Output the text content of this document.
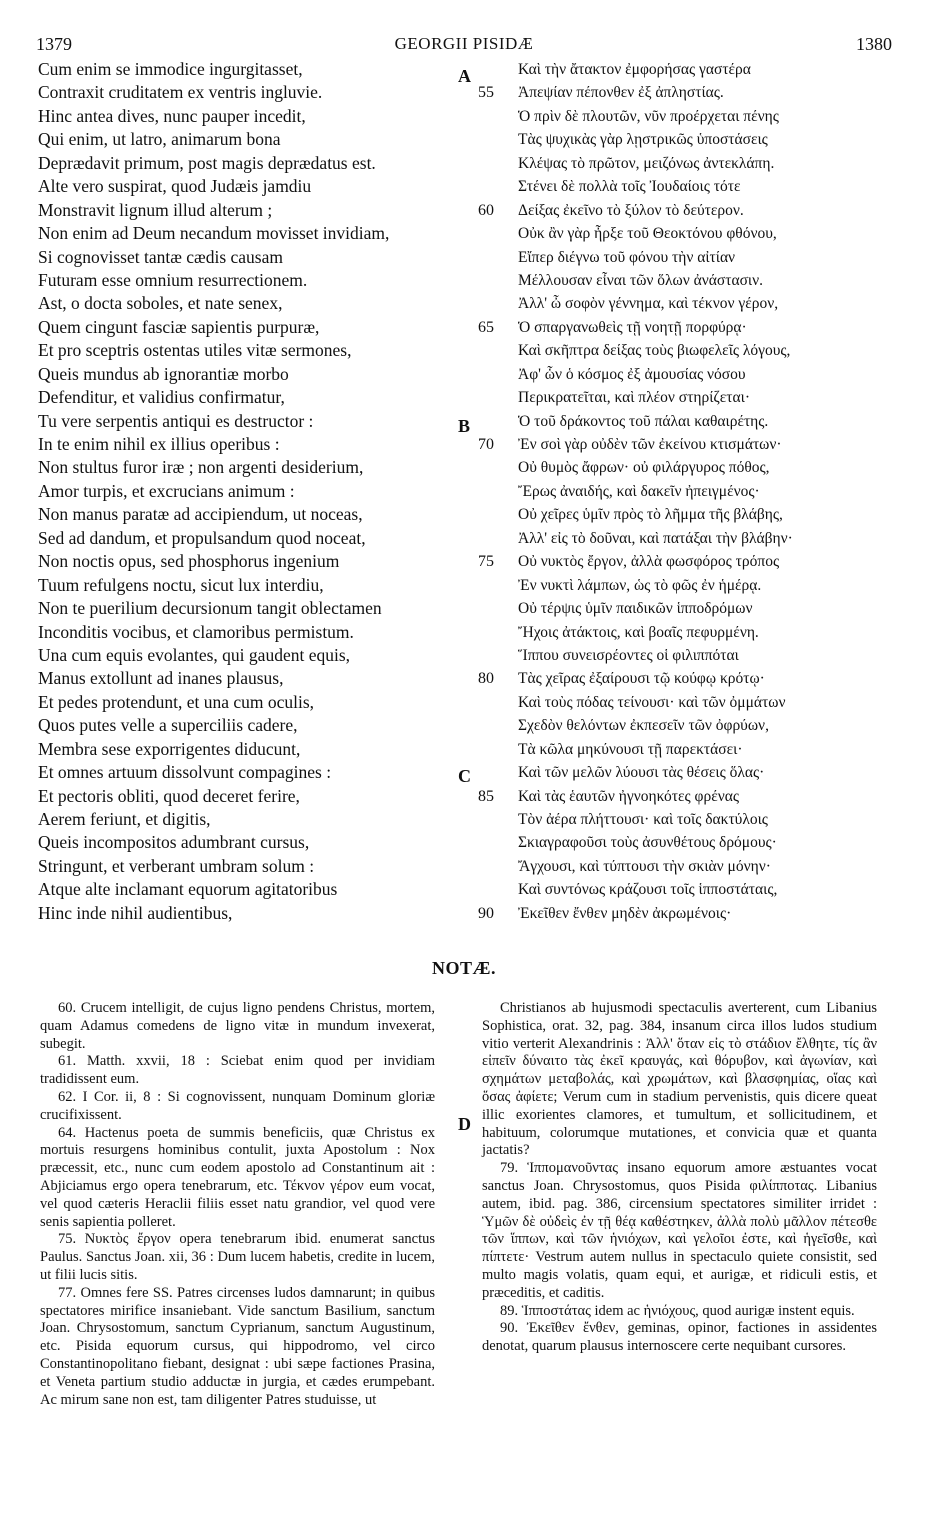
1379	GEORGII PISIDÆ	1380
A
B
C
D
Cum enim se immodice ingurgitasset,
Contraxit cruditatem ex ventris ingluvie.
Hinc antea dives, nunc pauper incedit,
Qui enim, ut latro, animarum bona
Deprædavit primum, post magis deprædatus est.
Alte vero suspirat, quod Judæis jamdiu
Monstravit lignum illud alterum ;
Non enim ad Deum necandum movisset invidiam,
Si cognovisset tantæ cædis causam
Futuram esse omnium resurrectionem.
Ast, o docta soboles, et nate senex,
Quem cingunt fasciæ sapientis purpuræ,
Et pro sceptris ostentas utiles vitæ sermones,
Queis mundus ab ignorantiæ morbo
Defenditur, et validius confirmatur,
Tu vere serpentis antiqui es destructor :
In te enim nihil ex illius operibus :
Non stultus furor iræ ; non argenti desiderium,
Amor turpis, et excrucians animum :
Non manus paratæ ad accipiendum, ut noceas,
Sed ad dandum, et propulsandum quod noceat,
Non noctis opus, sed phosphorus ingenium
Tuum refulgens noctu, sicut lux interdiu,
Non te puerilium decursionum tangit oblectamen
Inconditis vocibus, et clamoribus permistum.
Una cum equis evolantes, qui gaudent equis,
Manus extollunt ad inanes plausus,
Et pedes protendunt, et una cum oculis,
Quos putes velle a superciliis cadere,
Membra sese exporrigentes diducunt,
Et omnes artuum dissolvunt compagines :
Et pectoris obliti, quod deceret ferire,
Aerem feriunt, et digitis,
Queis incompositos adumbrant cursus,
Stringunt, et verberant umbram solum :
Atque alte inclamant equorum agitatoribus
Hinc inde nihil audientibus,
Καὶ τὴν ἄτακτον ἐμφορήσας γαστέρα
55	Ἀπεψίαν πέπονθεν ἐξ ἀπληστίας.
Ὁ πρὶν δὲ πλουτῶν, νῦν προέρχεται πένης
Τὰς ψυχικὰς γὰρ λῃστρικῶς ὑποστάσεις
Κλέψας τὸ πρῶτον, μειζόνως ἀντεκλάπη.
Στένει δὲ πολλὰ τοῖς Ἰουδαίοις τότε
60	Δείξας ἐκεῖνο τὸ ξύλον τὸ δεύτερον.
Οὐκ ἂν γὰρ ἦρξε τοῦ Θεοκτόνου φθόνου,
Εἴπερ διέγνω τοῦ φόνου τὴν αἰτίαν
Μέλλουσαν εἶναι τῶν ὅλων ἀνάστασιν.
Ἀλλ' ὦ σοφὸν γέννημα, καὶ τέκνον γέρον,
65	Ὁ σπαργανωθεὶς τῇ νοητῇ πορφύρᾳ·
Καὶ σκῆπτρα δείξας τοὺς βιωφελεῖς λόγους,
Ἀφ' ὧν ὁ κόσμος ἐξ ἀμουσίας νόσου
Περικρατεῖται, καὶ πλέον στηρίζεται·
Ὁ τοῦ δράκοντος τοῦ πάλαι καθαιρέτης.
70	Ἐν σοὶ γὰρ οὐδὲν τῶν ἐκείνου κτισμάτων·
Οὐ θυμὸς ἄφρων· οὐ φιλάργυρος πόθος,
Ἔρως ἀναιδής, καὶ δακεῖν ἠπειγμένος·
Οὐ χεῖρες ὑμῖν πρὸς τὸ λῆμμα τῆς βλάβης,
Ἀλλ' εἰς τὸ δοῦναι, καὶ πατάξαι τὴν βλάβην·
75	Οὐ νυκτὸς ἔργον, ἀλλὰ φωσφόρος τρόπος
Ἐν νυκτὶ λάμπων, ὡς τὸ φῶς ἐν ἡμέρᾳ.
Οὐ τέρψις ὑμῖν παιδικῶν ἱπποδρόμων
Ἤχοις ἀτάκτοις, καὶ βοαῖς πεφυρμένη.
Ἵππου συνεισρέοντες οἱ φιλιππόται
80	Τὰς χεῖρας ἐξαίρουσι τῷ κούφῳ κρότῳ·
Καὶ τοὺς πόδας τείνουσι· καὶ τῶν ὀμμάτων
Σχεδὸν θελόντων ἐκπεσεῖν τῶν ὀφρύων,
Τὰ κῶλα μηκύνουσι τῇ παρεκτάσει·
Καὶ τῶν μελῶν λύουσι τὰς θέσεις ὅλας·
85	Καὶ τὰς ἑαυτῶν ἠγνοηκότες φρένας
Τὸν ἀέρα πλήττουσι· καὶ τοῖς δακτύλοις
Σκιαγραφοῦσι τοὺς ἀσυνθέτους δρόμους·
Ἄγχουσι, καὶ τύπτουσι τὴν σκιὰν μόνην·
Καὶ συντόνως κράζουσι τοῖς ἱπποστάταις,
90	Ἐκεῖθεν ἔνθεν μηδὲν ἀκρωμένοις·
NOTÆ.

60. Crucem intelligit, de cujus ligno pendens Christus, mortem, quam Adamus comedens de ligno vitæ in mundum invexerat, subegit.

61. Matth. xxvii, 18 : Sciebat enim quod per invidiam tradidissent eum.

62. I Cor. ii, 8 : Si cognovissent, nunquam Dominum gloriæ crucifixissent.

64. Hactenus poeta de summis beneficiis, quæ Christus ex mortuis resurgens hominibus contulit, juxta Apostolum : Nox præcessit, etc., nunc cum eodem apostolo ad Constantinum ait : Abjiciamus ergo opera tenebrarum, etc. Τέκνον γέρον eum vocat, vel quod cæteris Heraclii filiis esset natu grandior, vel quod vere senis sapientia polleret.

75. Νυκτὸς ἔργον opera tenebrarum ibid. enumerat sanctus Paulus. Sanctus Joan. xii, 36 : Dum lucem habetis, credite in lucem, ut filii lucis sitis.

77. Omnes fere SS. Patres circenses ludos damnarunt; in quibus spectatores mirifice insaniebant. Vide sanctum Basilium, sanctum Joan. Chrysostomum, sanctum Cyprianum, sanctum Augustinum, etc. Pisida equorum cursus, qui hippodromo, vel circo Constantinopolitano fiebant, designat : ubi sæpe factiones Prasina, et Veneta partium studio adductæ in jurgia, et cædes erumpebant. Ac mirum sane non est, tam diligenter Patres studuisse, ut

Christianos ab hujusmodi spectaculis averterent, cum Libanius Sophistica, orat. 32, pag. 384, insanum circa illos ludos studium vitio verterit Alexandrinis : Ἀλλ' ὅταν εἰς τὸ στάδιον ἔλθητε, τίς ἂν εἰπεῖν δύναιτο τὰς ἐκεῖ κραυγάς, καὶ θόρυβον, καὶ ἀγωνίαν, καὶ σχημάτων μεταβολάς, καὶ χρωμάτων, καὶ βλασφημίας, οἵας καὶ ὅσας ἀφίετε; Verum cum in stadium pervenistis, quis dicere queat illic exorientes clamores, et tumultum, et sollicitudinem, et habituum, colorumque mutationes, et convicia quæ et quanta jactatis?

79. Ἱππομανοῦντας insano equorum amore æstuantes vocat sanctus Joan. Chrysostomus, quos Pisida φιλίππoτας. Libanius autem, ibid. pag. 386, circensium spectatores similiter irridet : Ὑμῶν δὲ οὐδεὶς ἐν τῇ θέᾳ καθέστηκεν, ἀλλὰ πολὺ μᾶλλον πέτεσθε τῶν ἵππων, καὶ τῶν ἡνιόχων, καὶ γελοῖοι ἐστε, καὶ ἡγεῖσθε, καὶ πίπτετε· Vestrum autem nullus in spectaculo quiete consistit, sed multo magis volatis, quam equi, et aurigæ, et ridiculi estis, et præceditis, et caditis.

89. Ἱπποστάτας idem ac ἡνιόχους, quod aurigæ instent equis.

90. Ἐκεῖθεν ἔνθεν, geminas, opinor, factiones in assidentes denotat, quarum plausus internoscere certe nequibant cursores.
